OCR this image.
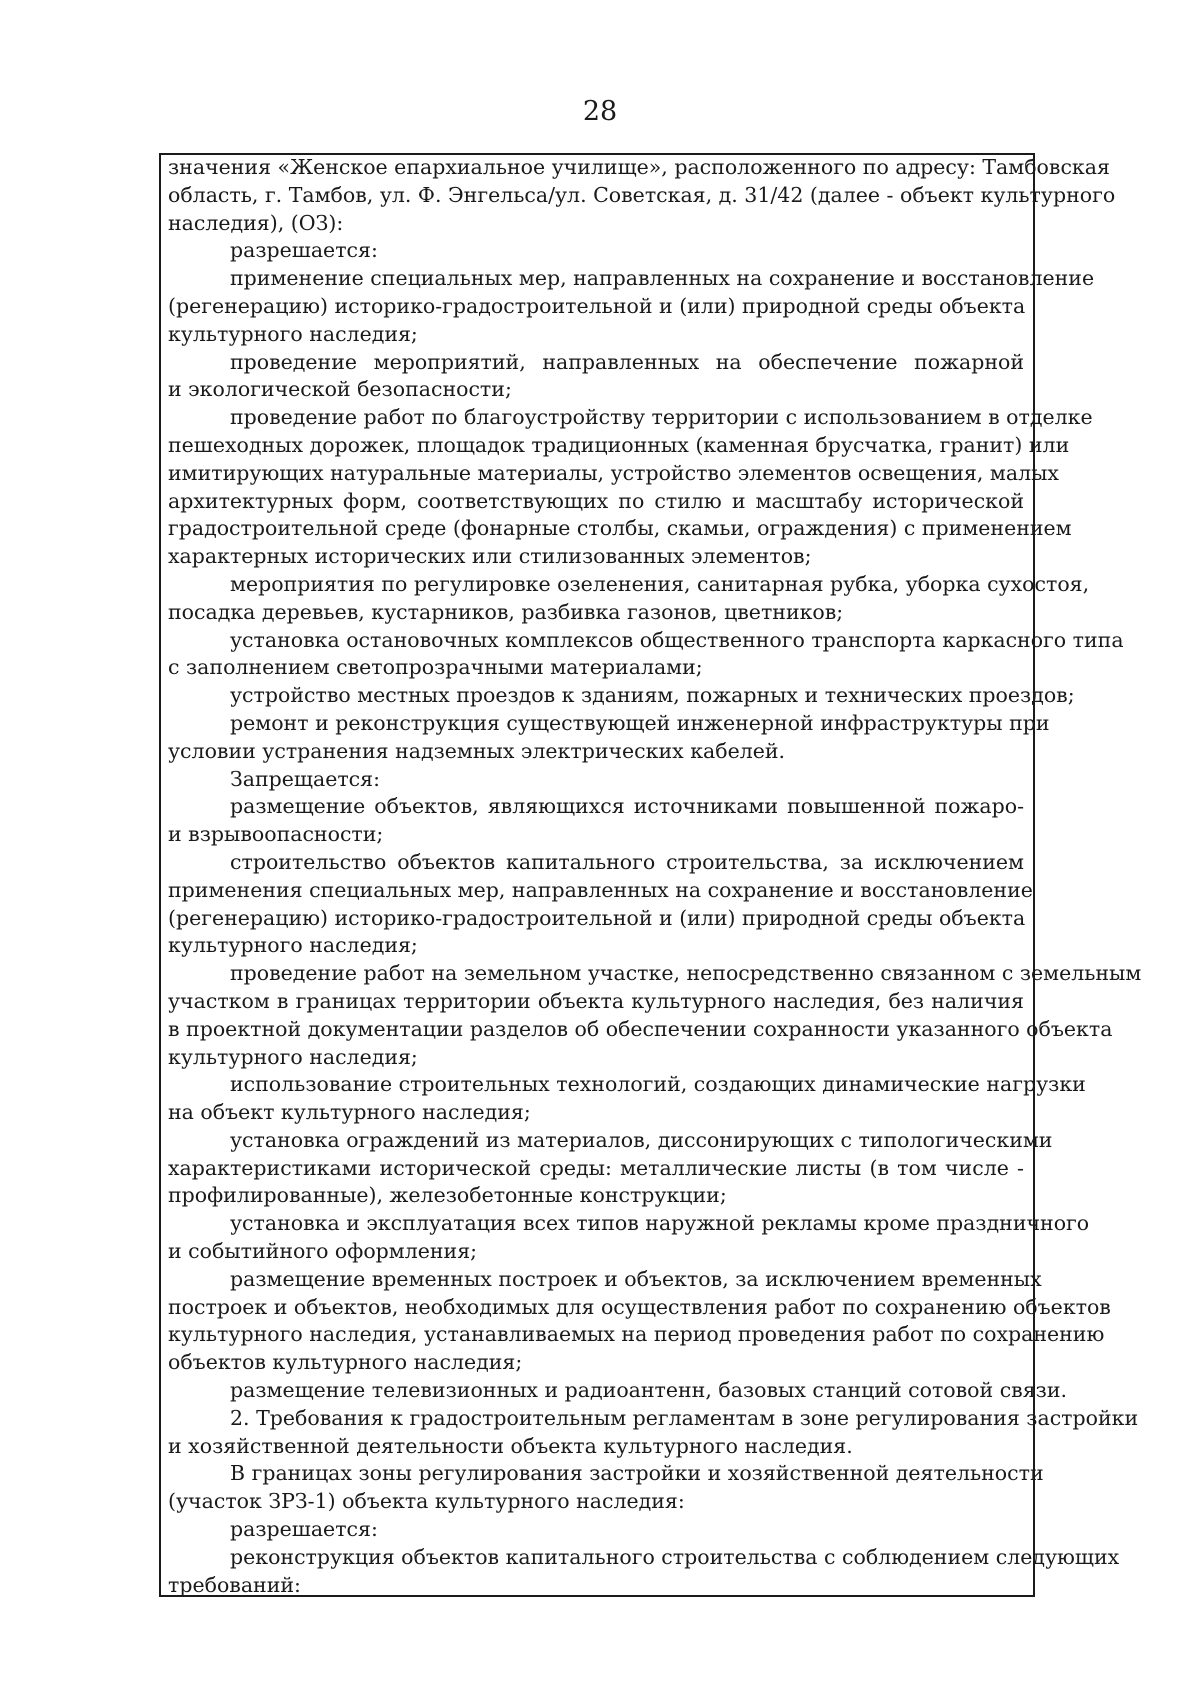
28
значения «Женское епархиальное училище», расположенного по адресу: Тамбовская
область, г. Тамбов, ул. Ф. Энгельса/ул. Советская, д. 31/42 (далее - объект культурного
наследия), (ОЗ):
разрешается:
применение специальных мер, направленных на сохранение и восстановление
(регенерацию) историко-градостроительной и (или) природной среды объекта
культурного наследия;
проведение мероприятий, направленных на обеспечение пожарной
и экологической безопасности;
проведение работ по благоустройству территории с использованием в отделке
пешеходных дорожек, площадок традиционных (каменная брусчатка, гранит) или
имитирующих натуральные материалы, устройство элементов освещения, малых
архитектурных форм, соответствующих по стилю и масштабу исторической
градостроительной среде (фонарные столбы, скамьи, ограждения) с применением
характерных исторических или стилизованных элементов;
мероприятия по регулировке озеленения, санитарная рубка, уборка сухостоя,
посадка деревьев, кустарников, разбивка газонов, цветников;
установка остановочных комплексов общественного транспорта каркасного типа
с заполнением светопрозрачными материалами;
устройство местных проездов к зданиям, пожарных и технических проездов;
ремонт и реконструкция существующей инженерной инфраструктуры при
условии устранения надземных электрических кабелей.
Запрещается:
размещение объектов, являющихся источниками повышенной пожаро-
и взрывоопасности;
строительство объектов капитального строительства, за исключением
применения специальных мер, направленных на сохранение и восстановление
(регенерацию) историко-градостроительной и (или) природной среды объекта
культурного наследия;
проведение работ на земельном участке, непосредственно связанном с земельным
участком в границах территории объекта культурного наследия, без наличия
в проектной документации разделов об обеспечении сохранности указанного объекта
культурного наследия;
использование строительных технологий, создающих динамические нагрузки
на объект культурного наследия;
установка ограждений из материалов, диссонирующих с типологическими
характеристиками исторической среды: металлические листы (в том числе -
профилированные), железобетонные конструкции;
установка и эксплуатация всех типов наружной рекламы кроме праздничного
и событийного оформления;
размещение временных построек и объектов, за исключением временных
построек и объектов, необходимых для осуществления работ по сохранению объектов
культурного наследия, устанавливаемых на период проведения работ по сохранению
объектов культурного наследия;
размещение телевизионных и радиоантенн, базовых станций сотовой связи.
2. Требования к градостроительным регламентам в зоне регулирования застройки
и хозяйственной деятельности объекта культурного наследия.
В границах зоны регулирования застройки и хозяйственной деятельности
(участок ЗРЗ-1) объекта культурного наследия:
разрешается:
реконструкция объектов капитального строительства с соблюдением следующих
требований:
